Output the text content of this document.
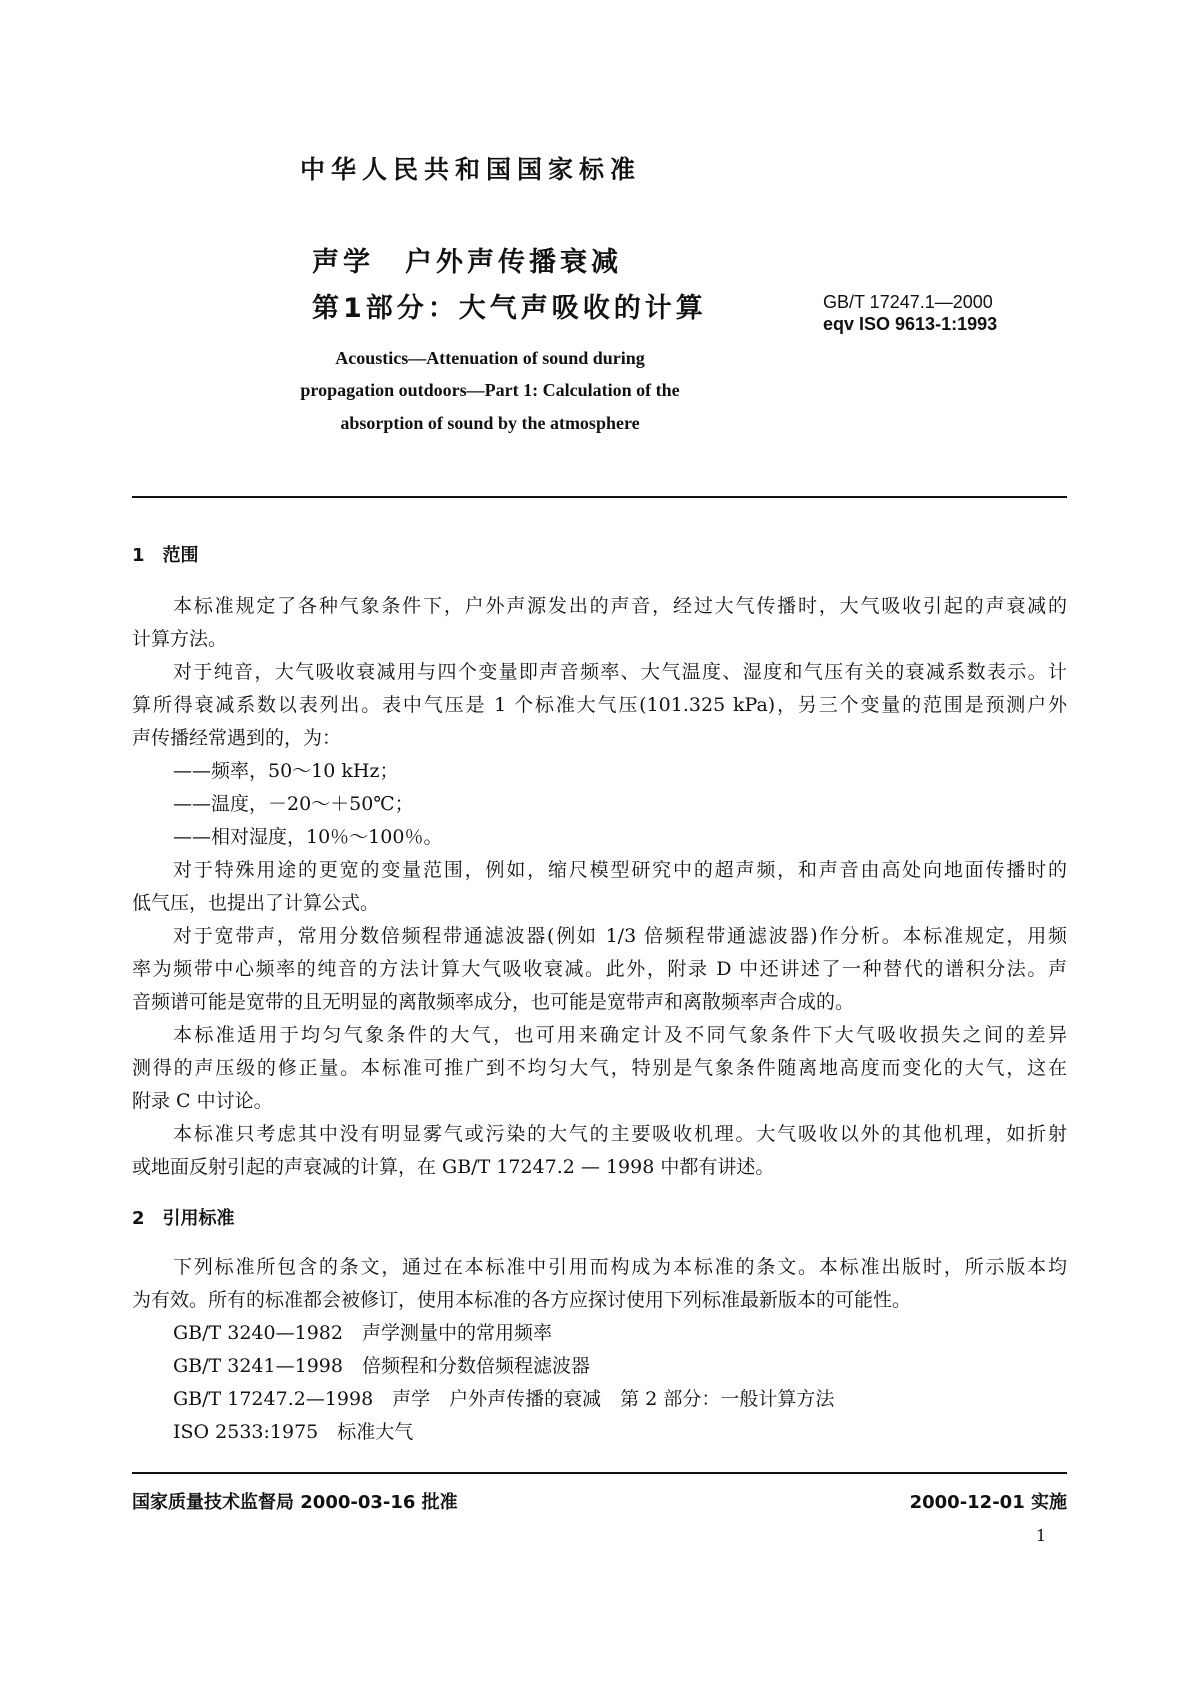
中华人民共和国国家标准
声学　户外声传播衰减
第1部分：大气声吸收的计算	GB/T 17247.1—2000
eqv ISO 9613-1:1993
Acoustics—Attenuation of sound during
propagation outdoors—Part 1: Calculation of the
absorption of sound by the atmosphere
1　范围
本标准规定了各种气象条件下，户外声源发出的声音，经过大气传播时，大气吸收引起的声衰减的
计算方法。
对于纯音，大气吸收衰减用与四个变量即声音频率、大气温度、湿度和气压有关的衰减系数表示。计
算所得衰减系数以表列出。表中气压是 1 个标准大气压(101.325 kPa)，另三个变量的范围是预测户外
声传播经常遇到的，为：
——频率，50～10 kHz；
——温度，－20～＋50℃；
——相对湿度，10％～100％。
对于特殊用途的更宽的变量范围，例如，缩尺模型研究中的超声频，和声音由高处向地面传播时的
低气压，也提出了计算公式。
对于宽带声，常用分数倍频程带通滤波器(例如 1/3 倍频程带通滤波器)作分析。本标准规定，用频
率为频带中心频率的纯音的方法计算大气吸收衰减。此外，附录 D 中还讲述了一种替代的谱积分法。声
音频谱可能是宽带的且无明显的离散频率成分，也可能是宽带声和离散频率声合成的。
本标准适用于均匀气象条件的大气，也可用来确定计及不同气象条件下大气吸收损失之间的差异
测得的声压级的修正量。本标准可推广到不均匀大气，特别是气象条件随离地高度而变化的大气，这在
附录 C 中讨论。
本标准只考虑其中没有明显雾气或污染的大气的主要吸收机理。大气吸收以外的其他机理，如折射
或地面反射引起的声衰减的计算，在 GB/T 17247.2 — 1998 中都有讲述。
2　引用标准
下列标准所包含的条文，通过在本标准中引用而构成为本标准的条文。本标准出版时，所示版本均
为有效。所有的标准都会被修订，使用本标准的各方应探讨使用下列标准最新版本的可能性。
GB/T 3240—1982　声学测量中的常用频率
GB/T 3241—1998　倍频程和分数倍频程滤波器
GB/T 17247.2—1998　声学　户外声传播的衰减　第 2 部分：一般计算方法
ISO 2533:1975　标准大气
国家质量技术监督局 2000-03-16 批准	2000-12-01 实施
1
